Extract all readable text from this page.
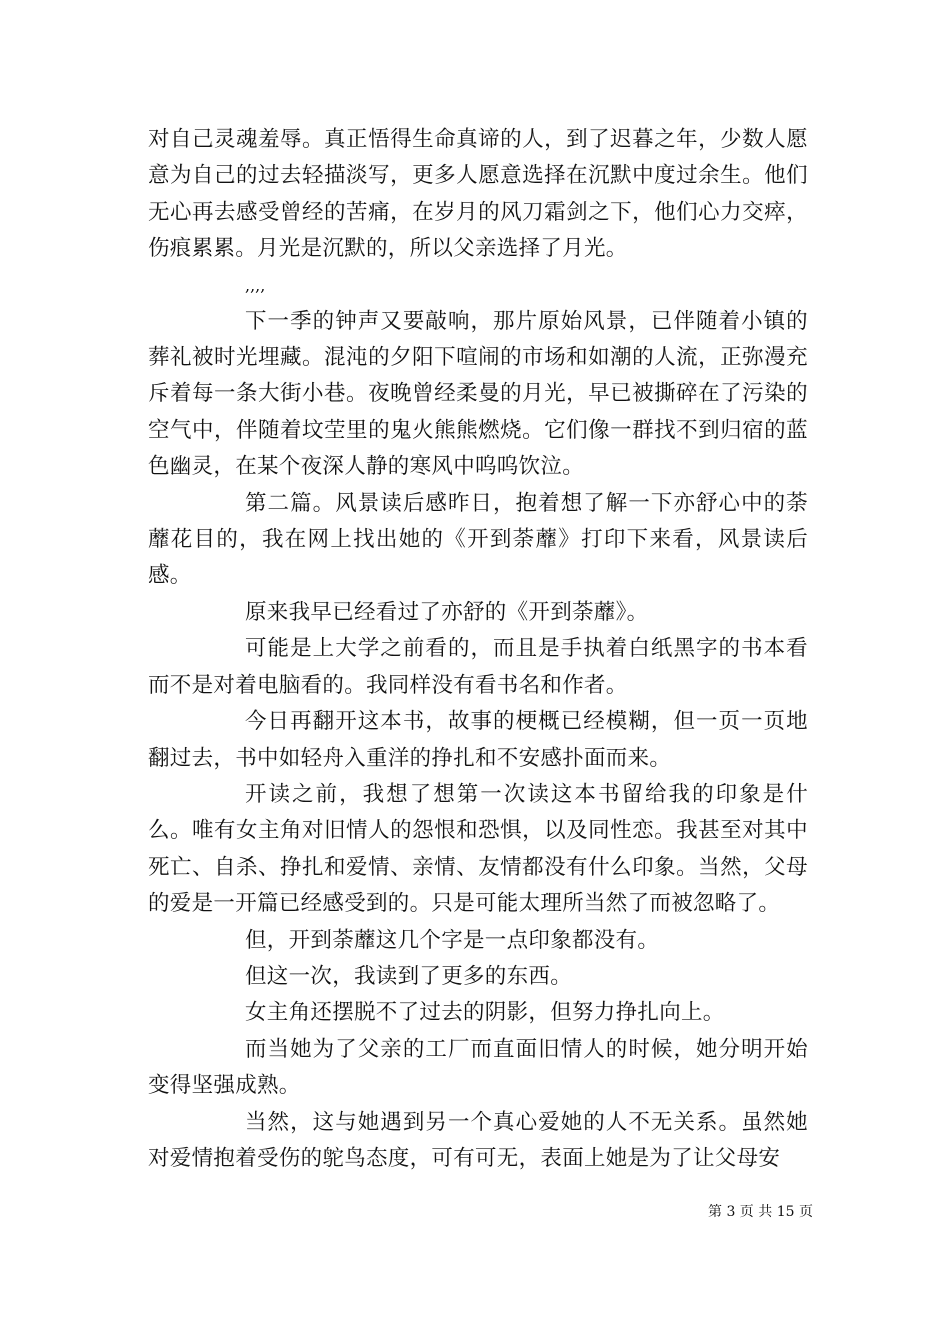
对自己灵魂羞辱。真正悟得生命真谛的人，到了迟暮之年，少数人愿意为自己的过去轻描淡写，更多人愿意选择在沉默中度过余生。他们无心再去感受曾经的苦痛，在岁月的风刀霜剑之下，他们心力交瘁，伤痕累累。月光是沉默的，所以父亲选择了月光。

,,,,

下一季的钟声又要敲响，那片原始风景，已伴随着小镇的葬礼被时光埋藏。混沌的夕阳下喧闹的市场和如潮的人流，正弥漫充斥着每一条大街小巷。夜晚曾经柔曼的月光，早已被撕碎在了污染的空气中，伴随着坟茔里的鬼火熊熊燃烧。它们像一群找不到归宿的蓝色幽灵，在某个夜深人静的寒风中呜呜饮泣。

第二篇。风景读后感昨日，抱着想了解一下亦舒心中的荼蘼花目的，我在网上找出她的《开到荼蘼》打印下来看，风景读后感。

原来我早已经看过了亦舒的《开到荼蘼》。

可能是上大学之前看的，而且是手执着白纸黑字的书本看而不是对着电脑看的。我同样没有看书名和作者。

今日再翻开这本书，故事的梗概已经模糊，但一页一页地翻过去，书中如轻舟入重洋的挣扎和不安感扑面而来。

开读之前，我想了想第一次读这本书留给我的印象是什么。唯有女主角对旧情人的怨恨和恐惧，以及同性恋。我甚至对其中死亡、自杀、挣扎和爱情、亲情、友情都没有什么印象。当然，父母的爱是一开篇已经感受到的。只是可能太理所当然了而被忽略了。

但，开到荼蘼这几个字是一点印象都没有。

但这一次，我读到了更多的东西。

女主角还摆脱不了过去的阴影，但努力挣扎向上。

而当她为了父亲的工厂而直面旧情人的时候，她分明开始变得坚强成熟。

当然，这与她遇到另一个真心爱她的人不无关系。虽然她对爱情抱着受伤的鸵鸟态度，可有可无，表面上她是为了让父母安

第 3 页 共 15 页
